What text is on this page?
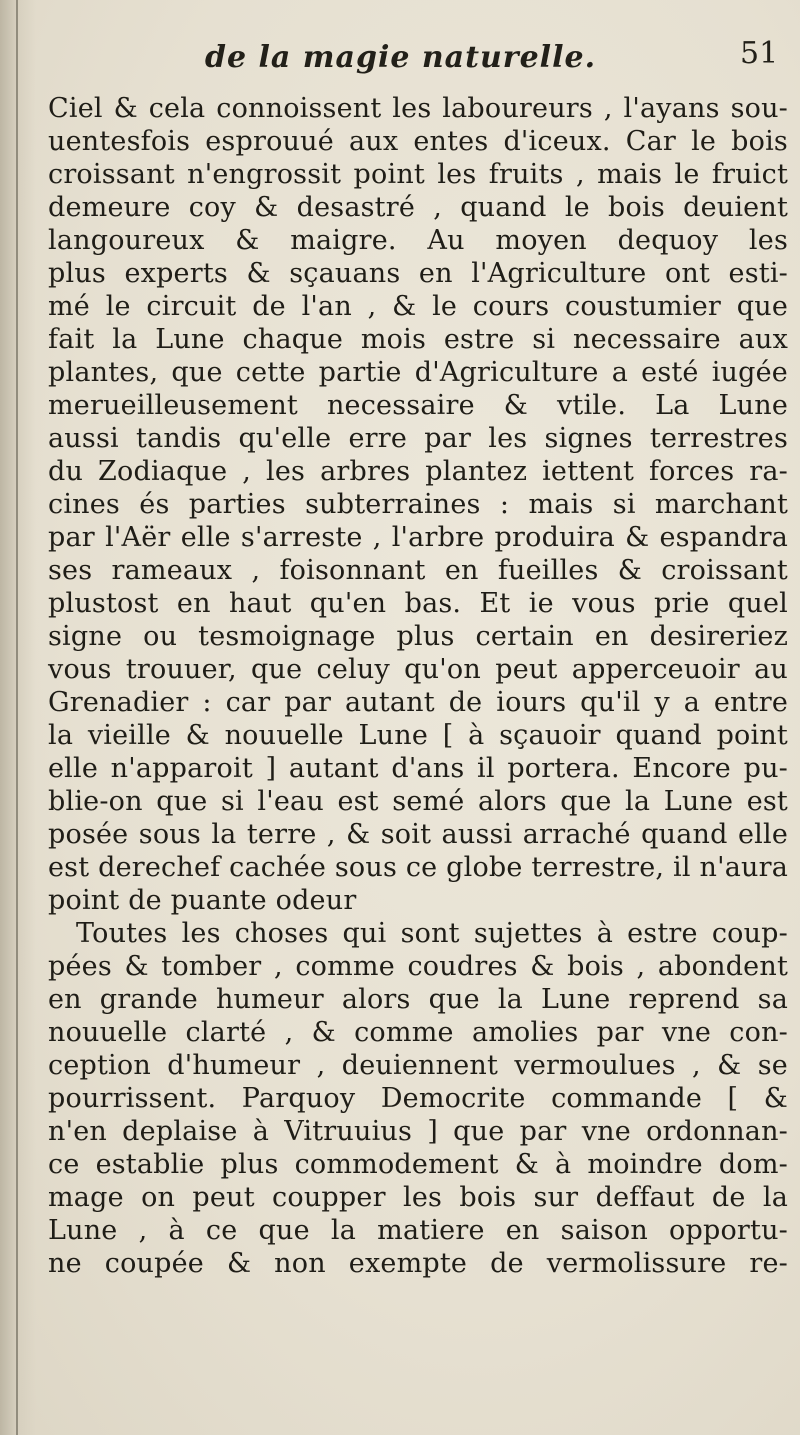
de la magie naturelle.	51
Ciel & cela connoissent les laboureurs , l'ayans sou-
uentesfois esprouué aux entes d'iceux. Car le bois
croissant n'engrossit point les fruits , mais le fruict
demeure coy & desastré , quand le bois deuient
langoureux & maigre. Au moyen dequoy les
plus experts & sçauans en l'Agriculture ont esti-
mé le circuit de l'an , & le cours coustumier que
fait la Lune chaque mois estre si necessaire aux
plantes, que cette partie d'Agriculture a esté iugée
merueilleusement necessaire & vtile. La Lune
aussi tandis qu'elle erre par les signes terrestres
du Zodiaque , les arbres plantez iettent forces ra-
cines és parties subterraines : mais si marchant
par l'Aër elle s'arreste , l'arbre produira & espandra
ses rameaux , foisonnant en fueilles & croissant
plustost en haut qu'en bas. Et ie vous prie quel
signe ou tesmoignage plus certain en desireriez
vous trouuer, que celuy qu'on peut apperceuoir au
Grenadier : car par autant de iours qu'il y a entre
la vieille & nouuelle Lune [ à sçauoir quand point
elle n'apparoit ] autant d'ans il portera. Encore pu-
blie-on que si l'eau est semé alors que la Lune est
posée sous la terre , & soit aussi arraché quand elle
est derechef cachée sous ce globe terrestre, il n'aura
point de puante odeur
Toutes les choses qui sont sujettes à estre coup-
pées & tomber , comme coudres & bois , abondent
en grande humeur alors que la Lune reprend sa
nouuelle clarté , & comme amolies par vne con-
ception d'humeur , deuiennent vermoulues , & se
pourrissent. Parquoy Democrite commande [ &
n'en deplaise à Vitruuius ] que par vne ordonnan-
ce establie plus commodement & à moindre dom-
mage on peut coupper les bois sur deffaut de la
Lune , à ce que la matiere en saison opportu-
ne coupée & non exempte de vermolissure re-
